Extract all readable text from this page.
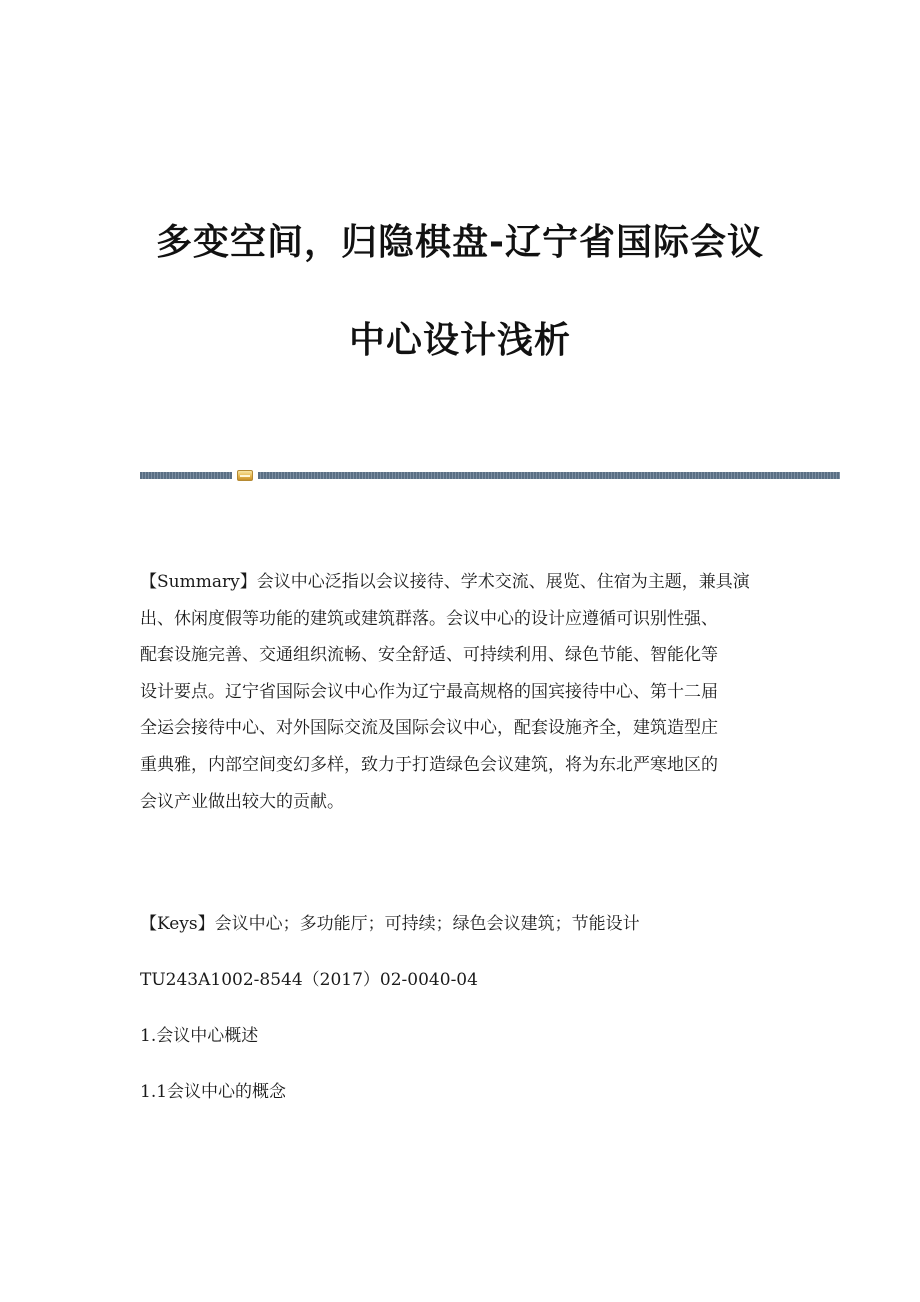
多变空间，归隐棋盘-辽宁省国际会议
中心设计浅析
【Summary】会议中心泛指以会议接待、学术交流、展览、住宿为主题，兼具演
出、休闲度假等功能的建筑或建筑群落。会议中心的设计应遵循可识别性强、
配套设施完善、交通组织流畅、安全舒适、可持续利用、绿色节能、智能化等
设计要点。辽宁省国际会议中心作为辽宁最高规格的国宾接待中心、第十二届
全运会接待中心、对外国际交流及国际会议中心，配套设施齐全，建筑造型庄
重典雅，内部空间变幻多样，致力于打造绿色会议建筑，将为东北严寒地区的
会议产业做出较大的贡献。
【Keys】会议中心；多功能厅；可持续；绿色会议建筑；节能设计
TU243A1002-8544（2017）02-0040-04
1.会议中心概述
1.1会议中心的概念
